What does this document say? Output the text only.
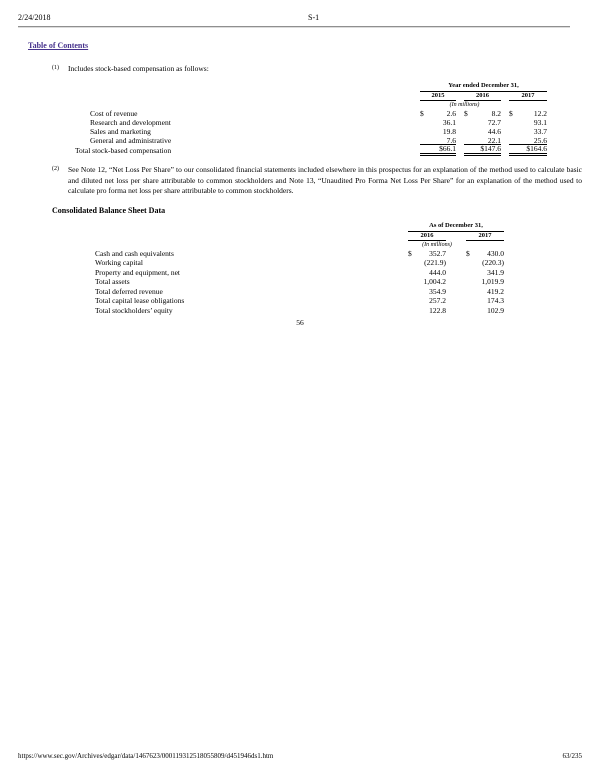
2/24/2018	S-1
Table of Contents
(1)	Includes stock-based compensation as follows:
Year ended December 31,
2015	2016	2017
(In millions)
Cost of revenue	$	2.6 $	8.2 $	12.2
Research and development	36.1	72.7	93.1
Sales and marketing	19.8	44.6	33.7
General and administrative	7.6	22.1	25.6
Total stock-based compensation	$66.1	$147.6	$164.6
(2)	See Note 12, “Net Loss Per Share” to our consolidated financial statements included elsewhere in this prospectus for an explanation of the method used to calculate basic and diluted net loss per share attributable to common stockholders and Note 13, “Unaudited Pro Forma Net Loss Per Share” for an explanation of the method used to calculate pro forma net loss per share attributable to common stockholders.
Consolidated Balance Sheet Data
As of December 31,
2016	2017
(In millions)
Cash and cash equivalents	$ 352.7	$ 430.0
Working capital	(221.9)	(220.3)
Property and equipment, net	444.0	341.9
Total assets	1,004.2	1,019.9
Total deferred revenue	354.9	419.2
Total capital lease obligations	257.2	174.3
Total stockholders’ equity	122.8	102.9
56
https://www.sec.gov/Archives/edgar/data/1467623/000119312518055809/d451946ds1.htm	63/235
